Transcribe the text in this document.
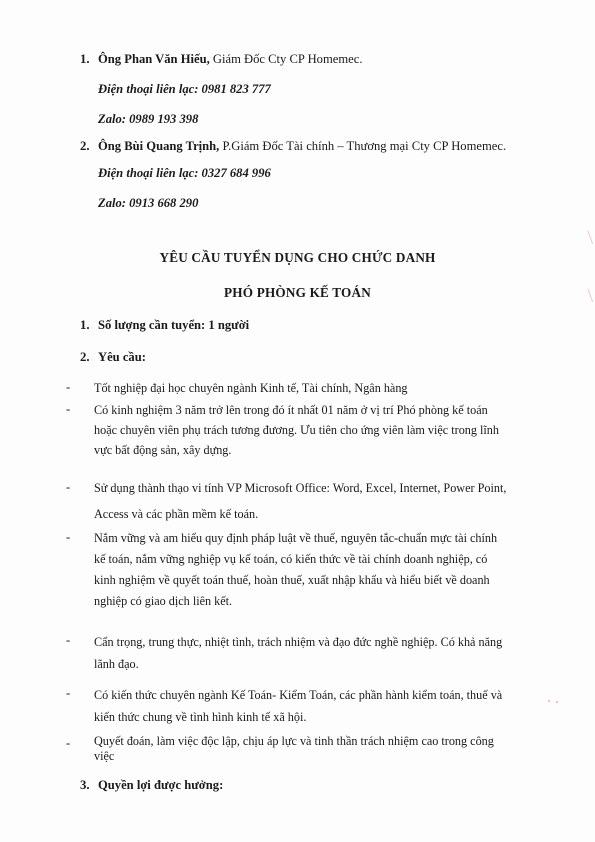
1. Ông Phan Văn Hiếu, Giám Đốc Cty CP Homemec.
Điện thoại liên lạc: 0981 823 777
Zalo: 0989 193 398
2. Ông Bùi Quang Trịnh, P.Giám Đốc Tài chính – Thương mại Cty CP Homemec.
Điện thoại liên lạc: 0327 684 996
Zalo: 0913 668 290
YÊU CẦU TUYỂN DỤNG CHO CHỨC DANH
PHÓ PHÒNG KẾ TOÁN
1. Số lượng cần tuyển: 1 người
2. Yêu cầu:
- Tốt nghiệp đại học chuyên ngành Kinh tế, Tài chính, Ngân hàng
- Có kinh nghiệm 3 năm trở lên trong đó ít nhất 01 năm ở vị trí Phó phòng kế toán
hoặc chuyên viên phụ trách tương đương. Ưu tiên cho ứng viên làm việc trong lĩnh
vực bất động sản, xây dựng.
- Sử dụng thành thạo vi tính VP Microsoft Office: Word, Excel, Internet, Power Point,
Access và các phần mềm kế toán.
- Nắm vững và am hiểu quy định pháp luật về thuế, nguyên tắc-chuẩn mực tài chính
kế toán, nắm vững nghiệp vụ kế toán, có kiến thức về tài chính doanh nghiệp, có
kinh nghiệm về quyết toán thuế, hoàn thuế, xuất nhập khẩu và hiểu biết về doanh
nghiệp có giao dịch liên kết.
- Cẩn trọng, trung thực, nhiệt tình, trách nhiệm và đạo đức nghề nghiệp. Có khả năng
lãnh đạo.
- Có kiến thức chuyên ngành Kế Toán- Kiểm Toán, các phần hành kiểm toán, thuế và
kiến thức chung về tình hình kinh tế xã hội.
- Quyết đoán, làm việc độc lập, chịu áp lực và tinh thần trách nhiệm cao trong công
việc
3. Quyền lợi được hưởng:
